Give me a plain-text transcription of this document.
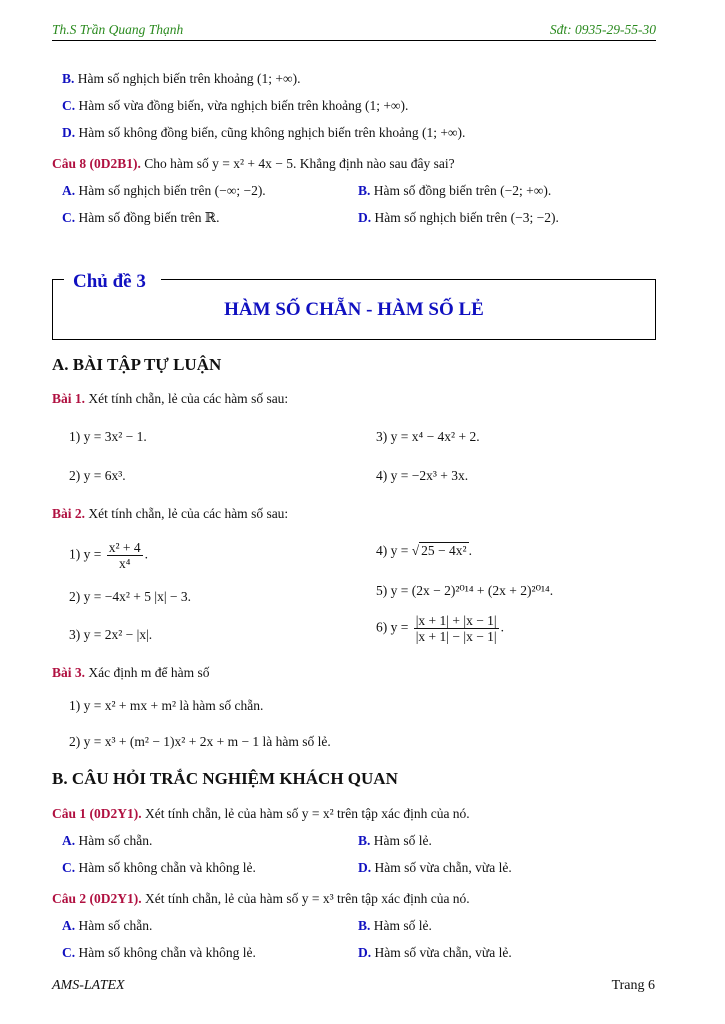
Th.S Trần Quang Thạnh	Sđt: 0935-29-55-30
B. Hàm số nghịch biến trên khoảng (1; +∞).
C. Hàm số vừa đồng biến, vừa nghịch biến trên khoảng (1; +∞).
D. Hàm số không đồng biến, cũng không nghịch biến trên khoảng (1; +∞).
Câu 8 (0D2B1). Cho hàm số y = x² + 4x − 5. Khẳng định nào sau đây sai?
A. Hàm số nghịch biến trên (−∞; −2).	B. Hàm số đồng biến trên (−2; +∞).
C. Hàm số đồng biến trên ℝ.	D. Hàm số nghịch biến trên (−3; −2).
Chủ đề 3
HÀM SỐ CHẴN - HÀM SỐ LẺ
A. BÀI TẬP TỰ LUẬN
Bài 1. Xét tính chẵn, lẻ của các hàm số sau:
1) y = 3x² − 1.	3) y = x⁴ − 4x² + 2.
2) y = 6x³.	4) y = −2x³ + 3x.
Bài 2. Xét tính chẵn, lẻ của các hàm số sau:
1) $y = \frac{\text{x² + 4}}{\text{x⁴}}$ .	4) y = √ 25 − 4x² .
2) y = −4x² + 5 |x| − 3.	5) y = (2x − 2)²⁰¹⁴ + (2x + 2)²⁰¹⁴.
3) y = 2x² − |x|.	6) $y = \frac{|x + 1| + |x - 1|}{|x + 1| - |x - 1|}$ .
Bài 3. Xác định m để hàm số
1) y = x² + mx + m² là hàm số chẵn.
2) y = x³ + (m² − 1)x² + 2x + m − 1 là hàm số lẻ.
B. CÂU HỎI TRẮC NGHIỆM KHÁCH QUAN
Câu 1 (0D2Y1). Xét tính chẵn, lẻ của hàm số y = x² trên tập xác định của nó.
A. Hàm số chẵn.	B. Hàm số lẻ.
C. Hàm số không chẵn và không lẻ.	D. Hàm số vừa chẵn, vừa lẻ.
Câu 2 (0D2Y1). Xét tính chẵn, lẻ của hàm số y = x³ trên tập xác định của nó.
A. Hàm số chẵn.	B. Hàm số lẻ.
C. Hàm số không chẵn và không lẻ.	D. Hàm số vừa chẵn, vừa lẻ.
AMS-LATEX	Trang 6
